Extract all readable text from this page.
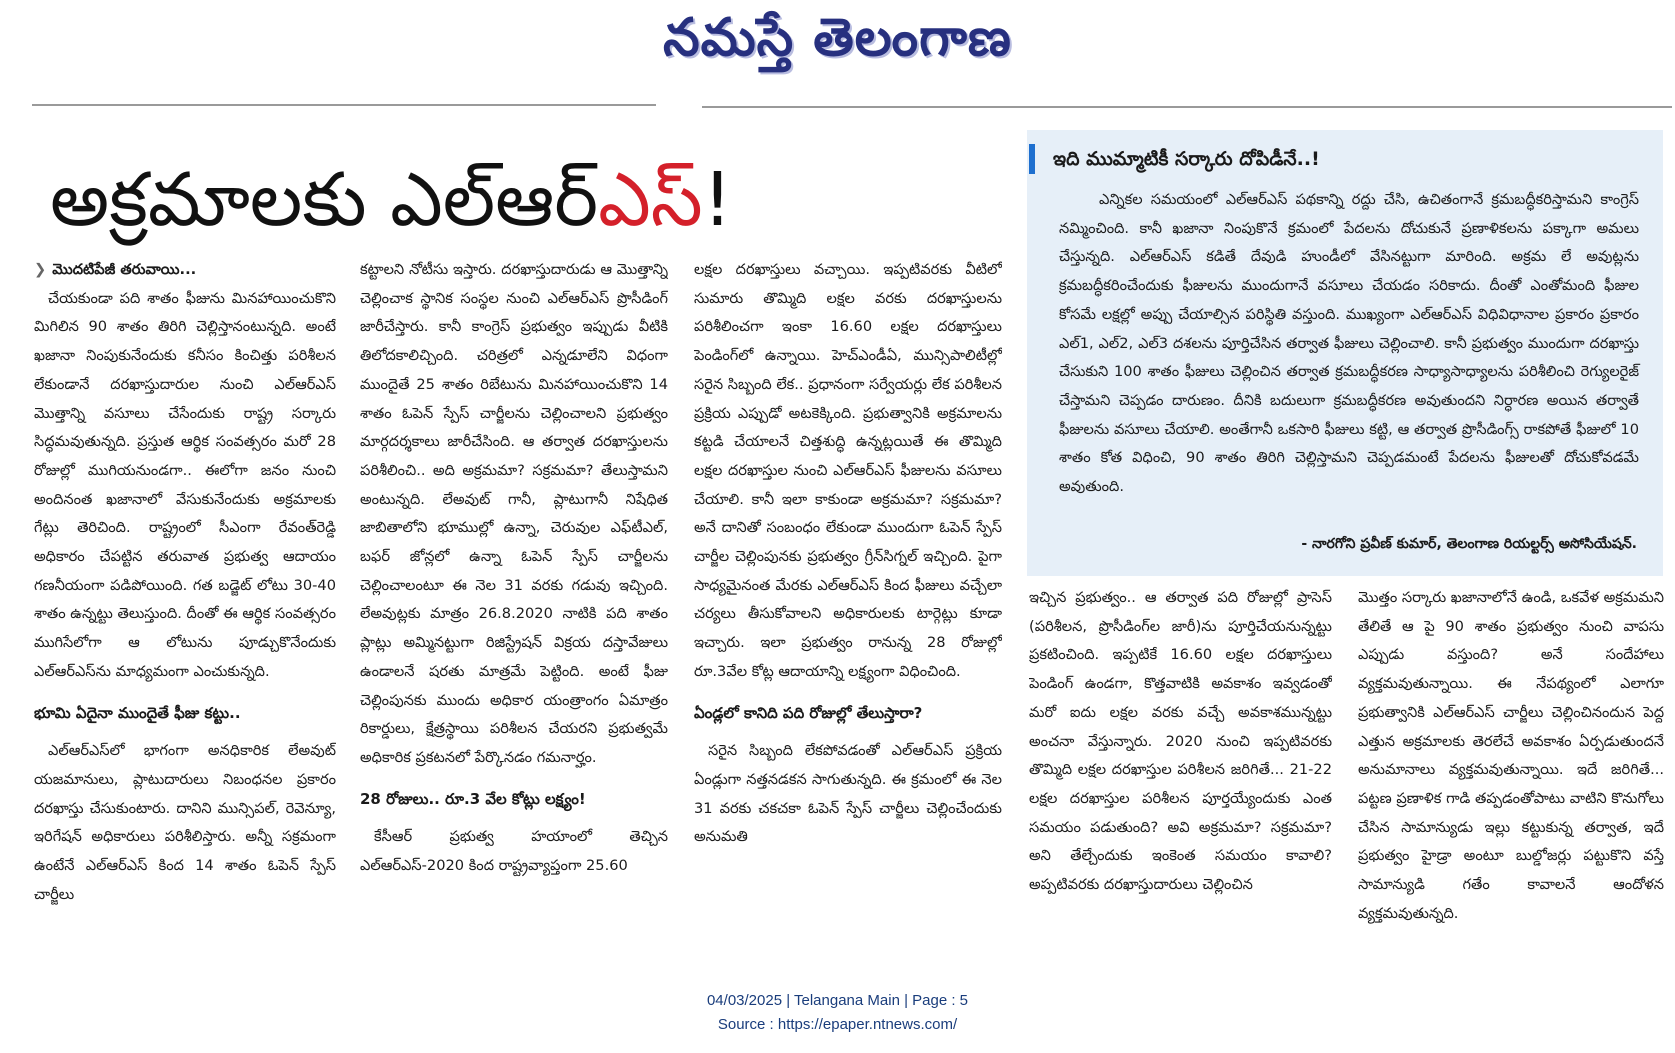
నమస్తే తెలంగాణ
అక్రమాలకు ఎల్‌ఆర్ఎస్!
❯ మొదటిపేజీ తరువాయి...

చేయకుండా పది శాతం ఫీజును మినహాయించుకొని మిగిలిన 90 శాతం తిరిగి చెల్లిస్తానంటున్నది. అంటే ఖజానా నింపుకునేందుకు కనీసం కించిత్తు పరిశీలన లేకుండానే దరఖాస్తుదారుల నుంచి ఎల్‌ఆర్‌ఎస్ మొత్తాన్ని వసూలు చేసేందుకు రాష్ట్ర సర్కారు సిద్ధమవుతున్నది. ప్రస్తుత ఆర్థిక సంవత్సరం మరో 28 రోజుల్లో ముగియనుండగా.. ఈలోగా జనం నుంచి అందినంత ఖజానాలో వేసుకునేందుకు అక్రమాలకు గేట్లు తెరిచింది. రాష్ట్రంలో సీఎంగా రేవంత్‌రెడ్డి అధికారం చేపట్టిన తరువాత ప్రభుత్వ ఆదాయం గణనీయంగా పడిపోయింది. గత బడ్జెట్ లోటు 30-40 శాతం ఉన్నట్టు తెలుస్తుంది. దీంతో ఈ ఆర్థిక సంవత్సరం ముగిసేలోగా ఆ లోటును పూడ్చుకొనేందుకు ఎల్‌ఆర్‌ఎస్‌ను మాధ్యమంగా ఎంచుకున్నది.

భూమి ఏదైనా ముందైతే ఫీజు కట్టు..

ఎల్‌ఆర్‌ఎస్‌లో భాగంగా అనధికారిక లేఅవుట్ యజమానులు, ప్లాటుదారులు నిబంధనల ప్రకారం దరఖాస్తు చేసుకుంటారు. దానిని మున్సిపల్, రెవెన్యూ, ఇరిగేషన్ అధికారులు పరిశీలిస్తారు. అన్నీ సక్రమంగా ఉంటేనే ఎల్‌ఆర్‌ఎస్ కింద 14 శాతం ఓపెన్ స్పేస్ చార్జీలు

కట్టాలని నోటీసు ఇస్తారు. దరఖాస్తుదారుడు ఆ మొత్తాన్ని చెల్లించాక స్థానిక సంస్థల నుంచి ఎల్‌ఆర్‌ఎస్ ప్రొసీడింగ్ జారీచేస్తారు. కానీ కాంగ్రెస్ ప్రభుత్వం ఇప్పుడు వీటికి తిలోదకాలిచ్చింది. చరిత్రలో ఎన్నడూలేని విధంగా ముందైతే 25 శాతం రిబేటును మినహాయించుకొని 14 శాతం ఓపెన్ స్పేస్ చార్జీలను చెల్లించాలని ప్రభుత్వం మార్గదర్శకాలు జారీచేసింది. ఆ తర్వాత దరఖాస్తులను పరిశీలించి.. అది అక్రమమా? సక్రమమా? తేలుస్తామని అంటున్నది. లేఅవుట్ గానీ, ప్లాటుగానీ నిషేధిత జాబితాలోని భూముల్లో ఉన్నా, చెరువుల ఎఫ్‌టీఎల్, బఫర్ జోన్లలో ఉన్నా ఓపెన్ స్పేస్ చార్జీలను చెల్లించాలంటూ ఈ నెల 31 వరకు గడువు ఇచ్చింది. లేఅవుట్లకు మాత్రం 26.8.2020 నాటికి పది శాతం ప్లాట్లు అమ్మినట్టుగా రిజిస్ట్రేషన్ విక్రయ దస్తావేజులు ఉండాలనే షరతు మాత్రమే పెట్టింది. అంటే ఫీజు చెల్లింపునకు ముందు అధికార యంత్రాంగం ఏమాత్రం రికార్డులు, క్షేత్రస్థాయి పరిశీలన చేయరని ప్రభుత్వమే అధికారిక ప్రకటనలో పేర్కొనడం గమనార్హం.

28 రోజులు.. రూ.3 వేల కోట్లు లక్ష్యం!

కేసీఆర్ ప్రభుత్వ హయాంలో తెచ్చిన ఎల్‌ఆర్‌ఎస్-2020 కింద రాష్ట్రవ్యాప్తంగా 25.60

లక్షల దరఖాస్తులు వచ్చాయి. ఇప్పటివరకు వీటిలో సుమారు తొమ్మిది లక్షల వరకు దరఖాస్తులను పరిశీలించగా ఇంకా 16.60 లక్షల దరఖాస్తులు పెండింగ్‌లో ఉన్నాయి. హెచ్‌ఎండీఏ, మున్సిపాలిటీల్లో సరైన సిబ్బంది లేక.. ప్రధానంగా సర్వేయర్లు లేక పరిశీలన ప్రక్రియ ఎప్పుడో అటకెక్కింది. ప్రభుత్వానికి అక్రమాలను కట్టడి చేయాలనే చిత్తశుద్ధి ఉన్నట్లయితే ఈ తొమ్మిది లక్షల దరఖాస్తుల నుంచి ఎల్‌ఆర్‌ఎస్ ఫీజులను వసూలు చేయాలి. కానీ ఇలా కాకుండా అక్రమమా? సక్రమమా? అనే దానితో సంబంధం లేకుండా ముందుగా ఓపెన్ స్పేస్ చార్జీల చెల్లింపునకు ప్రభుత్వం గ్రీన్‌సిగ్నల్ ఇచ్చింది. పైగా సాధ్యమైనంత మేరకు ఎల్‌ఆర్‌ఎస్ కింద ఫీజులు వచ్చేలా చర్యలు తీసుకోవాలని అధికారులకు టార్గెట్లు కూడా ఇచ్చారు. ఇలా ప్రభుత్వం రానున్న 28 రోజుల్లో రూ.3వేల కోట్ల ఆదాయాన్ని లక్ష్యంగా విధించింది.

ఏండ్లలో కానిది పది రోజుల్లో తేలుస్తారా?

సరైన సిబ్బంది లేకపోవడంతో ఎల్‌ఆర్‌ఎస్ ప్రక్రియ ఏండ్లుగా నత్తనడకన సాగుతున్నది. ఈ క్రమంలో ఈ నెల 31 వరకు చకచకా ఓపెన్ స్పేస్ చార్జీలు చెల్లించేందుకు అనుమతి

ఇది ముమ్మాటికీ సర్కారు దోపిడీనే..!

ఎన్నికల సమయంలో ఎల్‌ఆర్‌ఎస్ పథకాన్ని రద్దు చేసి, ఉచితంగానే క్రమబద్ధీకరిస్తామని కాంగ్రెస్ నమ్మించింది. కానీ ఖజానా నింపుకొనే క్రమంలో పేదలను దోచుకునే ప్రణాళికలను పక్కాగా అమలు చేస్తున్నది. ఎల్‌ఆర్‌ఎస్ కడితే దేవుడి హుండీలో వేసినట్టుగా మారింది. అక్రమ లే అవుట్లను క్రమబద్ధీకరించేందుకు ఫీజులను ముందుగానే వసూలు చేయడం సరికాదు. దీంతో ఎంతోమంది ఫీజుల కోసమే లక్షల్లో అప్పు చేయాల్సిన పరిస్థితి వస్తుంది. ముఖ్యంగా ఎల్‌ఆర్‌ఎస్ విధివిధానాల ప్రకారం ప్రకారం ఎల్1, ఎల్2, ఎల్3 దశలను పూర్తిచేసిన తర్వాత ఫీజులు చెల్లించాలి. కానీ ప్రభుత్వం ముందుగా దరఖాస్తు చేసుకుని 100 శాతం ఫీజులు చెల్లించిన తర్వాత క్రమబద్ధీకరణ సాధ్యాసాధ్యాలను పరిశీలించి రెగ్యులరైజ్ చేస్తామని చెప్పడం దారుణం. దీనికి బదులుగా క్రమబద్ధీకరణ అవుతుందని నిర్ధారణ అయిన తర్వాతే ఫీజులను వసూలు చేయాలి. అంతేగానీ ఒకసారి ఫీజులు కట్టి, ఆ తర్వాత ప్రొసీడింగ్స్ రాకపోతే ఫీజులో 10 శాతం కోత విధించి, 90 శాతం తిరిగి చెల్లిస్తామని చెప్పడమంటే పేదలను ఫీజులతో దోచుకోవడమే అవుతుంది.

- నారగోని ప్రవీణ్ కుమార్, తెలంగాణ రియల్టర్స్ అసోసియేషన్.

ఇచ్చిన ప్రభుత్వం.. ఆ తర్వాత పది రోజుల్లో ప్రాసెస్ (పరిశీలన, ప్రొసీడింగ్‌ల జారీ)ను పూర్తిచేయనున్నట్టు ప్రకటించింది. ఇప్పటికే 16.60 లక్షల దరఖాస్తులు పెండింగ్ ఉండగా, కొత్తవాటికి అవకాశం ఇవ్వడంతో మరో ఐదు లక్షల వరకు వచ్చే అవకాశమున్నట్టు అంచనా వేస్తున్నారు. 2020 నుంచి ఇప్పటివరకు తొమ్మిది లక్షల దరఖాస్తుల పరిశీలన జరిగితే... 21-22 లక్షల దరఖాస్తుల పరిశీలన పూర్తయ్యేందుకు ఎంత సమయం పడుతుంది? అవి అక్రమమా? సక్రమమా? అని తేల్చేందుకు ఇంకెంత సమయం కావాలి? అప్పటివరకు దరఖాస్తుదారులు చెల్లించిన

మొత్తం సర్కారు ఖజానాలోనే ఉండి, ఒకవేళ అక్రమమని తేలితే ఆ పై 90 శాతం ప్రభుత్వం నుంచి వాపసు ఎప్పుడు వస్తుంది? అనే సందేహాలు వ్యక్తమవుతున్నాయి. ఈ నేపథ్యంలో ఎలాగూ ప్రభుత్వానికి ఎల్‌ఆర్‌ఎస్ చార్జీలు చెల్లించినందున పెద్ద ఎత్తున అక్రమాలకు తెరలేచే అవకాశం ఏర్పడుతుందనే అనుమానాలు వ్యక్తమవుతున్నాయి. ఇదే జరిగితే... పట్టణ ప్రణాళిక గాడి తప్పడంతోపాటు వాటిని కొనుగోలు చేసిన సామాన్యుడు ఇల్లు కట్టుకున్న తర్వాత, ఇదే ప్రభుత్వం హైడ్రా అంటూ బుల్డోజర్లు పట్టుకొని వస్తే సామాన్యుడి గతేం కావాలనే ఆందోళన వ్యక్తమవుతున్నది.

04/03/2025 | Telangana Main | Page : 5
Source : https://epaper.ntnews.com/
